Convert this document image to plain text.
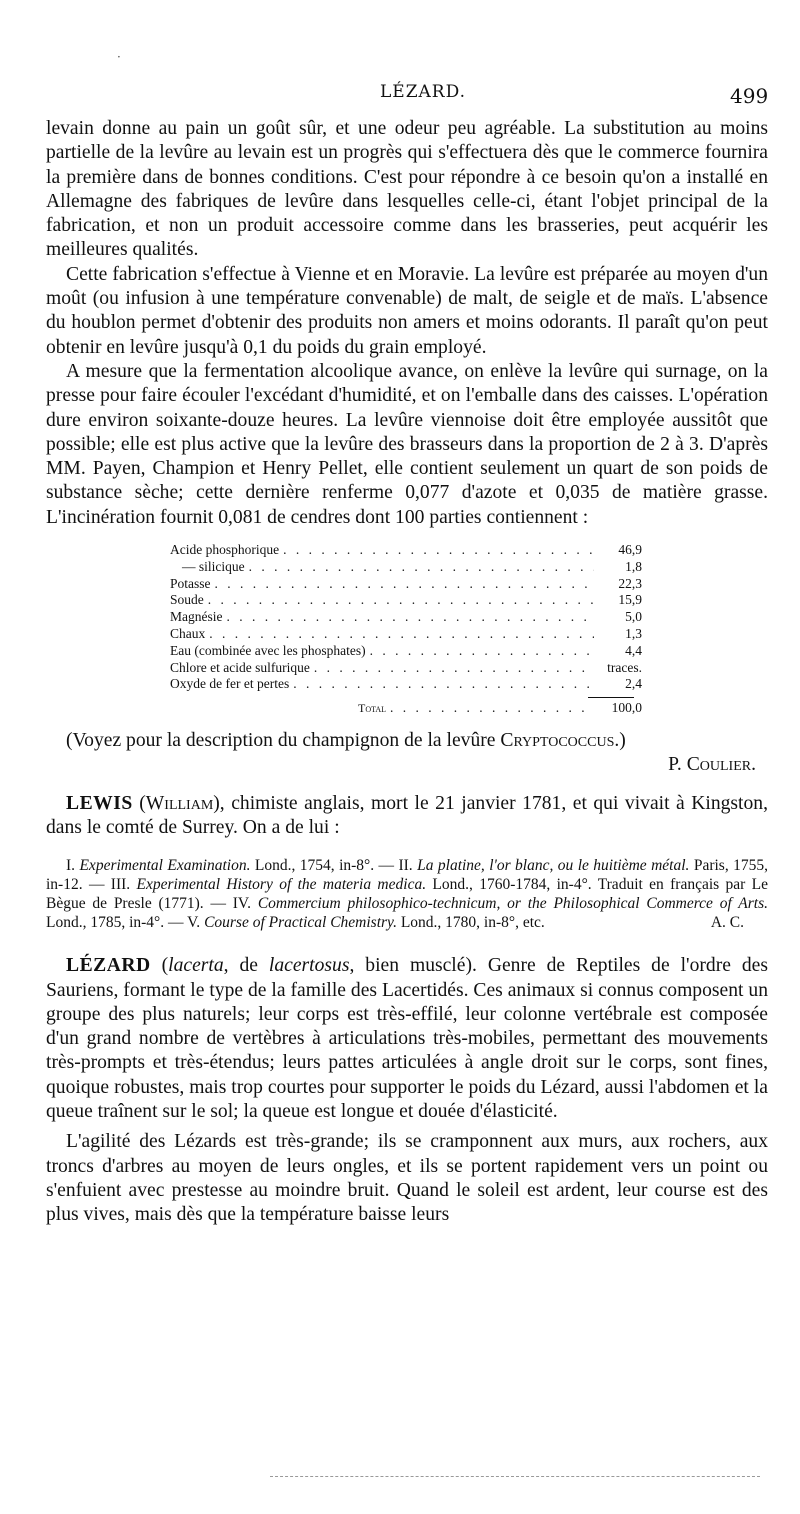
·
LÉZARD.	499

levain donne au pain un goût sûr, et une odeur peu agréable. La substitution au moins partielle de la levûre au levain est un progrès qui s'effectuera dès que le commerce fournira la première dans de bonnes conditions. C'est pour répondre à ce besoin qu'on a installé en Allemagne des fabriques de levûre dans lesquelles celle-ci, étant l'objet principal de la fabrication, et non un produit accessoire comme dans les brasseries, peut acquérir les meilleures qualités.

Cette fabrication s'effectue à Vienne et en Moravie. La levûre est préparée au moyen d'un moût (ou infusion à une température convenable) de malt, de seigle et de maïs. L'absence du houblon permet d'obtenir des produits non amers et moins odorants. Il paraît qu'on peut obtenir en levûre jusqu'à 0,1 du poids du grain employé.

A mesure que la fermentation alcoolique avance, on enlève la levûre qui surnage, on la presse pour faire écouler l'excédant d'humidité, et on l'emballe dans des caisses. L'opération dure environ soixante-douze heures. La levûre viennoise doit être employée aussitôt que possible; elle est plus active que la levûre des brasseurs dans la proportion de 2 à 3. D'après MM. Payen, Champion et Henry Pellet, elle contient seulement un quart de son poids de substance sèche; cette dernière renferme 0,077 d'azote et 0,035 de matière grasse. L'incinération fournit 0,081 de cendres dont 100 parties contiennent :

Acide phosphorique . . .	46,9
— silicique . . .	1,8
Potasse . . .	22,3
Soude . . .	15,9
Magnésie . . .	5,0
Chaux . . .	1,3
Eau (combinée avec les phosphates) . . .	4,4
Chlore et acide sulfurique . . .	traces.
Oxyde de fer et pertes . . .	2,4
Total . . .	100,0

(Voyez pour la description du champignon de la levûre Cryptococcus.)

P. Coulier.

LEWIS (William), chimiste anglais, mort le 21 janvier 1781, et qui vivait à Kingston, dans le comté de Surrey. On a de lui :

I. Experimental Examination. Lond., 1754, in-8°. — II. La platine, l'or blanc, ou le huitième métal. Paris, 1755, in-12. — III. Experimental History of the materia medica. Lond., 1760-1784, in-4°. Traduit en français par Le Bègue de Presle (1771). — IV. Commercium philosophico-technicum, or the Philosophical Commerce of Arts. Lond., 1785, in-4°. — V. Course of Practical Chemistry. Lond., 1780, in-8°, etc.	A. C.

LÉZARD (lacerta, de lacertosus, bien musclé). Genre de Reptiles de l'ordre des Sauriens, formant le type de la famille des Lacertidés. Ces animaux si connus composent un groupe des plus naturels; leur corps est très-effilé, leur colonne vertébrale est composée d'un grand nombre de vertèbres à articulations très-mobiles, permettant des mouvements très-prompts et très-étendus; leurs pattes articulées à angle droit sur le corps, sont fines, quoique robustes, mais trop courtes pour supporter le poids du Lézard, aussi l'abdomen et la queue traînent sur le sol; la queue est longue et douée d'élasticité.

L'agilité des Lézards est très-grande; ils se cramponnent aux murs, aux rochers, aux troncs d'arbres au moyen de leurs ongles, et ils se portent rapidement vers un point ou s'enfuient avec prestesse au moindre bruit. Quand le soleil est ardent, leur course est des plus vives, mais dès que la température baisse leurs
